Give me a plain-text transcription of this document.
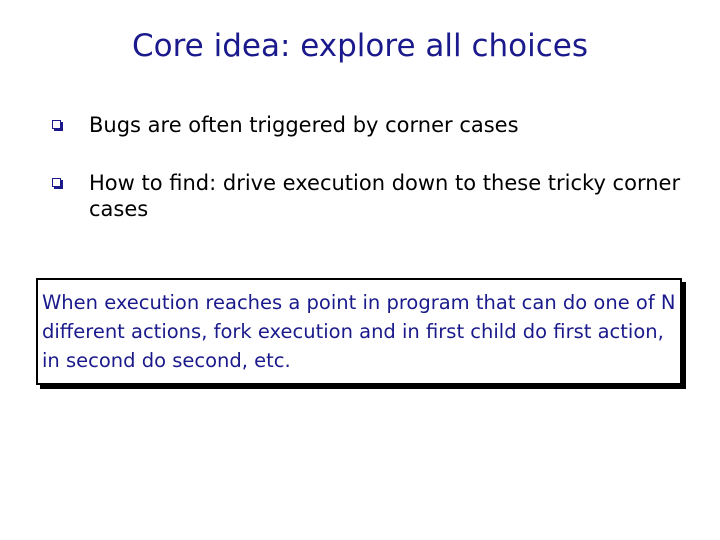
Core idea: explore all choices
Bugs are often triggered by corner cases
How to find: drive execution down to these tricky corner cases
When execution reaches a point in program that can do one of N different actions, fork execution and in first child do first action, in second do second, etc.
